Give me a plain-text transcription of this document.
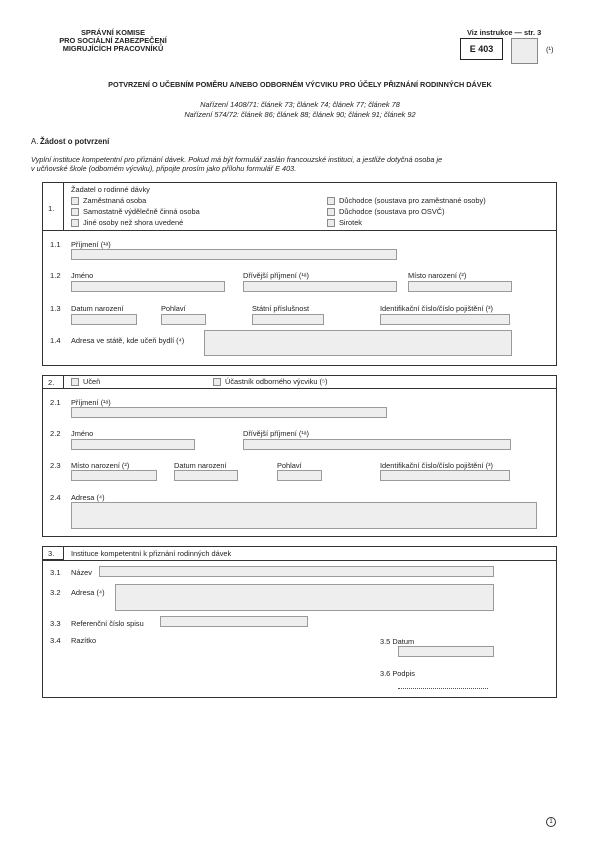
SPRÁVNÍ KOMISE
PRO SOCIÁLNÍ ZABEZPEČENÍ
MIGRUJÍCÍCH PRACOVNÍKŮ
Viz instrukce — str. 3
E 403	(¹)
POTVRZENÍ O UČEBNÍM POMĚRU A/NEBO ODBORNÉM VÝCVIKU PRO ÚČELY PŘIZNÁNÍ RODINNÝCH DÁVEK
Nařízení 1408/71: článek 73; článek 74; článek 77; článek 78
Nařízení 574/72: článek 86; článek 88; článek 90; článek 91; článek 92
A. Žádost o potvrzení
Vyplní instituce kompetentní pro přiznání dávek. Pokud má být formulář zaslán francouzské instituci, a jestliže dotyčná osoba je
v učňovské škole (odborném výcviku), připojte prosím jako přílohu formulář E 403.
1.
Žadatel o rodinné dávky
Zaměstnaná osoba
Samostatně výdělečně činná osoba
Jiné osoby než shora uvedené
Důchodce (soustava pro zaměstnané osoby)
Důchodce (soustava pro OSVČ)
Sirotek
1.1 Příjmení (¹ᵃ)
1.2 Jméno	Dřívější příjmení (¹ᵃ)	Místo narození (²)
1.3 Datum narození	Pohlaví	Státní příslušnost	Identifikační číslo/číslo pojištění (³)
1.4 Adresa ve státě, kde učeň bydlí (⁴)
2.	Učeň	Účastník odborného výcviku (⁵)
2.1 Příjmení (¹ᵃ)
2.2 Jméno	Dřívější příjmení (¹ᵃ)
2.3 Místo narození (²)	Datum narození	Pohlaví	Identifikační číslo/číslo pojištění (³)
2.4 Adresa (⁴)
3. Instituce kompetentní k přiznání rodinných dávek
3.1 Název
3.2 Adresa (⁴)
3.3 Referenční číslo spisu
3.4 Razítko	3.5 Datum
3.6 Podpis
1
